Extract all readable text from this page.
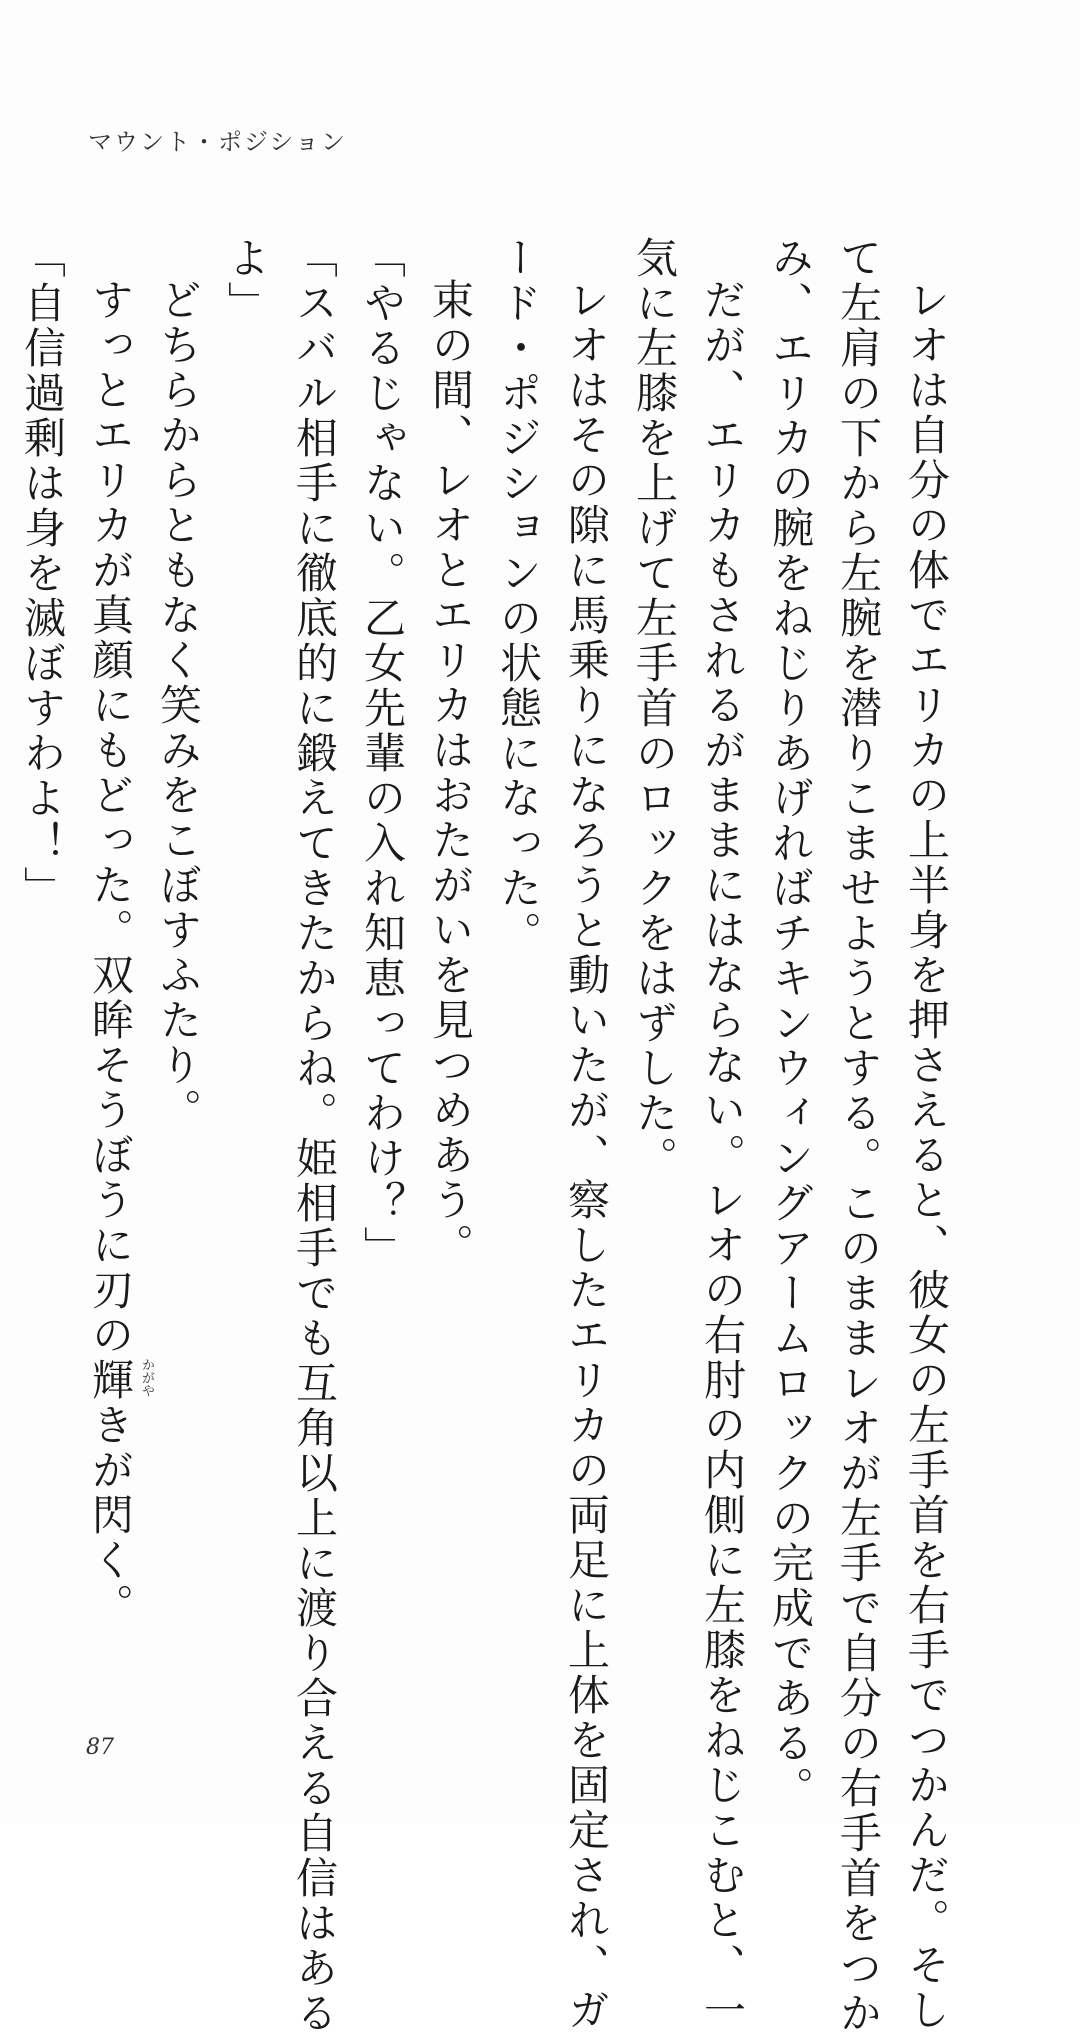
マウント・ポジション
レオは自分の体でエリカの上半身を押さえると、彼女の左手首を右手でつかんだ。そし
て左肩の下から左腕を潜りこませようとする。このままレオが左手で自分の右手首をつか
み、エリカの腕をねじりあげればチキンウィングアームロックの完成である。
だが、エリカもされるがままにはならない。レオの右肘の内側に左膝をねじこむと、一
気に左膝を上げて左手首のロックをはずした。
レオはその隙に馬乗りになろうと動いたが、察したエリカの両足に上体を固定され、ガ
ード・ポジションの状態になった。
束の間、レオとエリカはおたがいを見つめあう。
「やるじゃない。乙女先輩の入れ知恵ってわけ？」
「スバル相手に徹底的に鍛えてきたからね。姫相手でも互角以上に渡り合える自信はある
よ」
どちらからともなく笑みをこぼすふたり。
すっとエリカが真顔にもどった。双眸そうぼうに刃の輝 かがや
きが閃く。
「自信過剰は身を滅ぼすわよ！」
87
